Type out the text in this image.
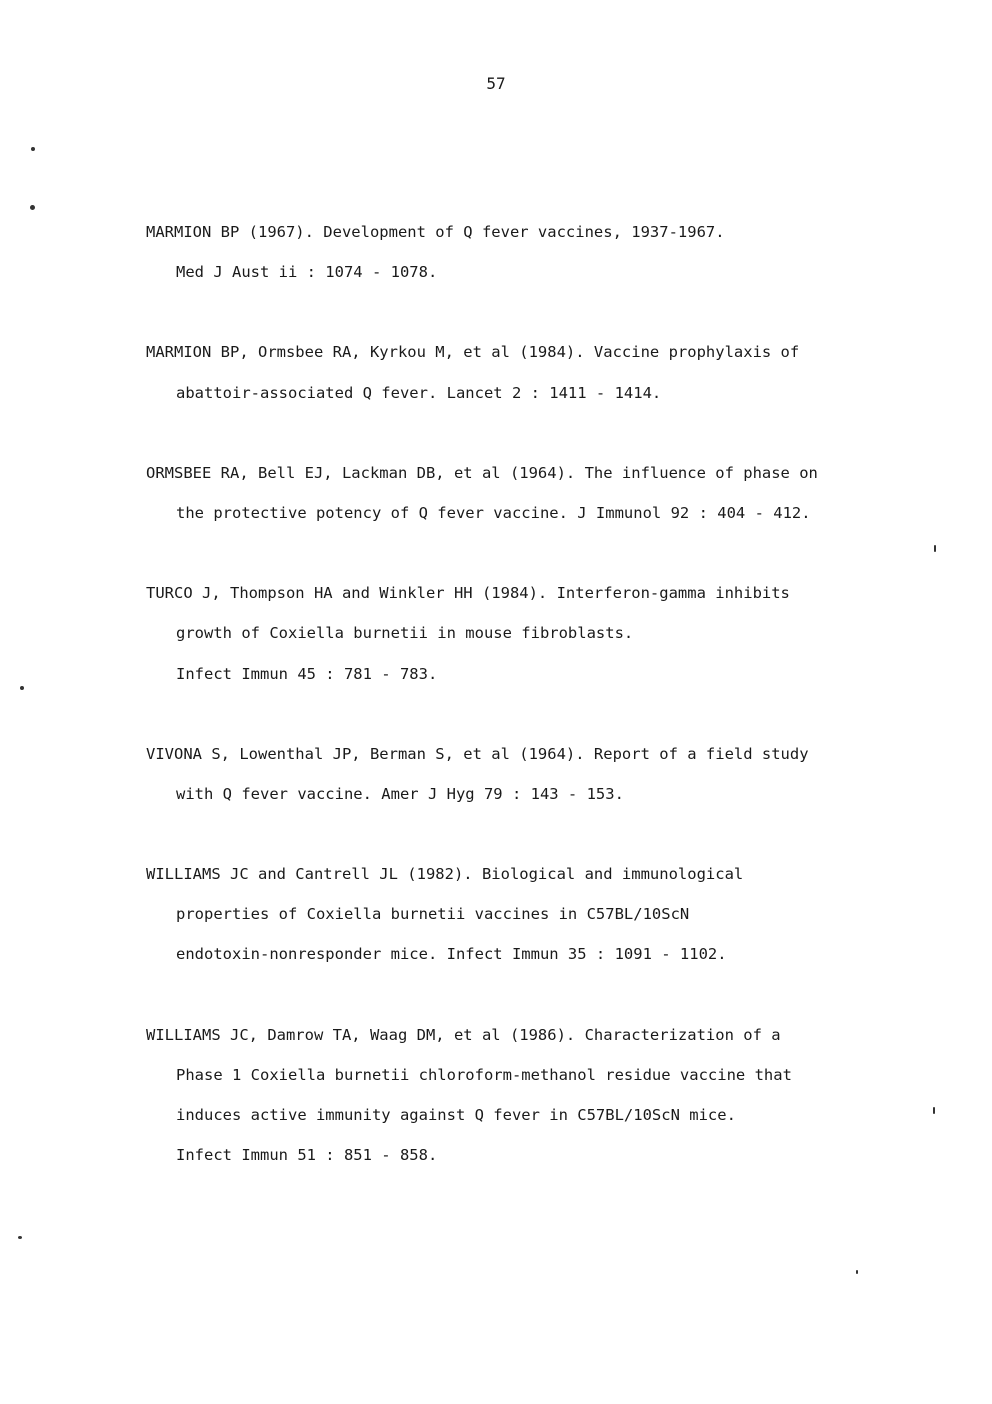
57
MARMION BP (1967). Development of Q fever vaccines, 1937-1967.
Med J Aust ii : 1074 - 1078.
MARMION BP, Ormsbee RA, Kyrkou M, et al (1984). Vaccine prophylaxis of
abattoir-associated Q fever. Lancet 2 : 1411 - 1414.
ORMSBEE RA, Bell EJ, Lackman DB, et al (1964). The influence of phase on
the protective potency of Q fever vaccine. J Immunol 92 : 404 - 412.
TURCO J, Thompson HA and Winkler HH (1984). Interferon-gamma inhibits
growth of Coxiella burnetii in mouse fibroblasts.
Infect Immun 45 : 781 - 783.
VIVONA S, Lowenthal JP, Berman S, et al (1964). Report of a field study
with Q fever vaccine. Amer J Hyg 79 : 143 - 153.
WILLIAMS JC and Cantrell JL (1982). Biological and immunological
properties of Coxiella burnetii vaccines in C57BL/10ScN
endotoxin-nonresponder mice. Infect Immun 35 : 1091 - 1102.
WILLIAMS JC, Damrow TA, Waag DM, et al (1986). Characterization of a
Phase 1 Coxiella burnetii chloroform-methanol residue vaccine that
induces active immunity against Q fever in C57BL/10ScN mice.
Infect Immun 51 : 851 - 858.
